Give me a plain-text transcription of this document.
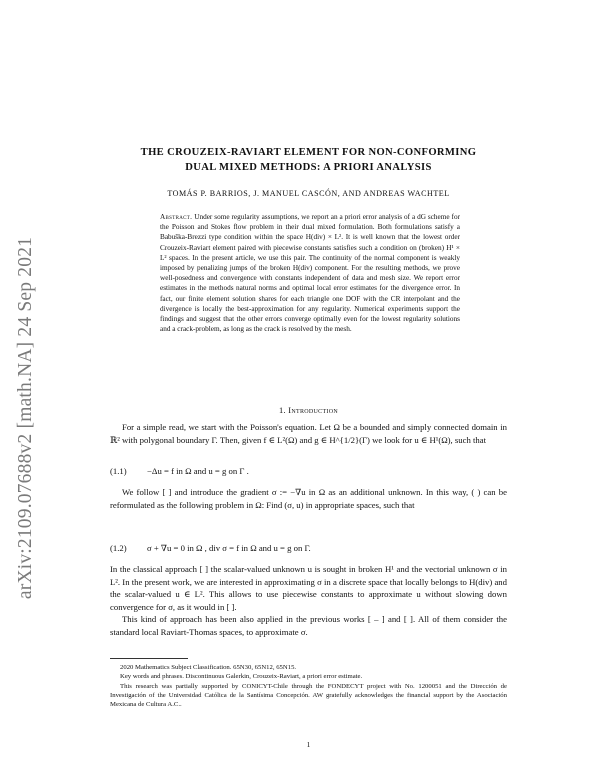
arXiv:2109.07688v2 [math.NA] 24 Sep 2021
THE CROUZEIX-RAVIART ELEMENT FOR NON-CONFORMING
DUAL MIXED METHODS: A PRIORI ANALYSIS
TOMÁS P. BARRIOS, J. MANUEL CASCÓN, AND ANDREAS WACHTEL
Abstract. Under some regularity assumptions, we report an a priori error analysis of a dG scheme for the Poisson and Stokes flow problem in their dual mixed formulation. Both formulations satisfy a Babuška-Brezzi type condition within the space H(div) × L². It is well known that the lowest order Crouzeix-Raviart element paired with piecewise constants satisfies such a condition on (broken) H¹ × L² spaces. In the present article, we use this pair. The continuity of the normal component is weakly imposed by penalizing jumps of the broken H(div) component. For the resulting methods, we prove well-posedness and convergence with constants independent of data and mesh size. We report error estimates in the methods natural norms and optimal local error estimates for the divergence error. In fact, our finite element solution shares for each triangle one DOF with the CR interpolant and the divergence is locally the best-approximation for any regularity. Numerical experiments support the findings and suggest that the other errors converge optimally even for the lowest regularity solutions and a crack-problem, as long as the crack is resolved by the mesh.
1. Introduction

For a simple read, we start with the Poisson's equation. Let Ω be a bounded and simply connected domain in ℝ² with polygonal boundary Γ. Then, given f ∈ L²(Ω) and g ∈ H^{1/2}(Γ) we look for u ∈ H¹(Ω), such that

(1.1) −Δu = f in Ω and u = g on Γ .

We follow [ ] and introduce the gradient σ := −∇u in Ω as an additional unknown. In this way, ( ) can be reformulated as the following problem in Ω: Find (σ, u) in appropriate spaces, such that

(1.2) σ + ∇u = 0 in Ω , div σ = f in Ω and u = g on Γ.

In the classical approach [ ] the scalar-valued unknown u is sought in broken H¹ and the vectorial unknown σ in L². In the present work, we are interested in approximating σ in a discrete space that locally belongs to H(div) and the scalar-valued u ∈ L². This allows to use piecewise constants to approximate u without slowing down convergence for σ, as it would in [ ].

This kind of approach has been also applied in the previous works [ – ] and [ ]. All of them consider the standard local Raviart-Thomas spaces, to approximate σ.

2020 Mathematics Subject Classification. 65N30, 65N12, 65N15.

Key words and phrases. Discontinuous Galerkin, Crouzeix-Raviart, a priori error estimate.

This research was partially supported by CONICYT-Chile through the FONDECYT project with No. 1200051 and the Dirección de Investigación of the Universidad Católica de la Santísima Concepción. AW gratefully acknowledges the financial support by the Asociación Mexicana de Cultura A.C..

1
